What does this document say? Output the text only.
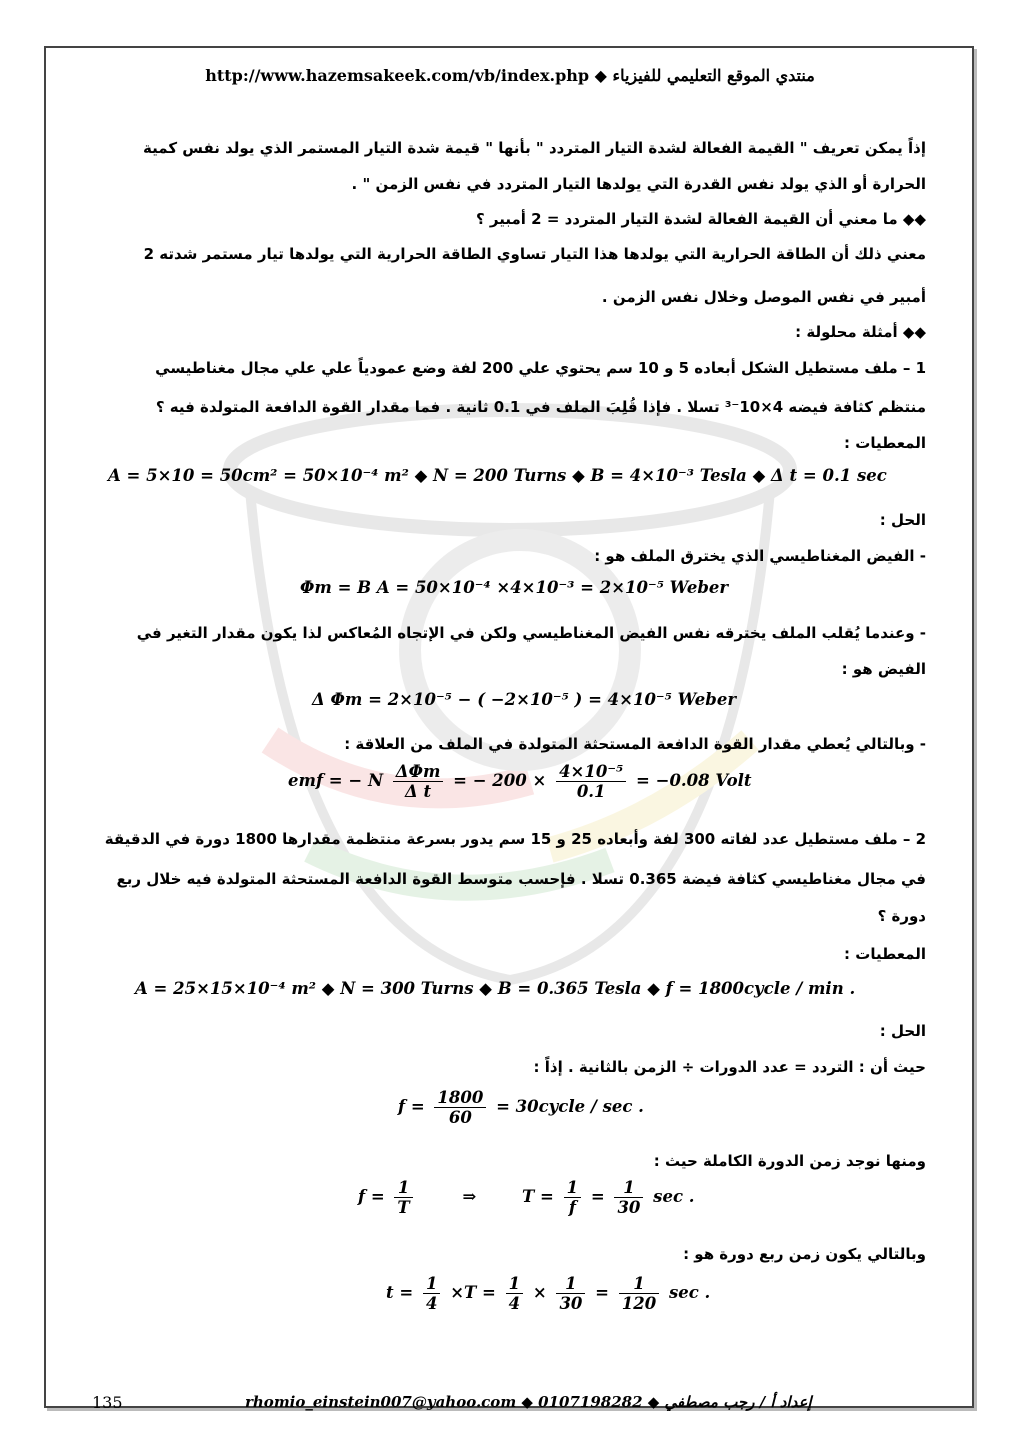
http://www.hazemsakeek.com/vb/index.php ◆ منتدي الموقع التعليمي للفيزياء
إذاً يمكن تعريف " القيمة الفعالة لشدة التيار المتردد " بأنها " قيمة شدة التيار المستمر الذي يولد نفس كمية
الحرارة أو الذي يولد نفس القدرة التي يولدها التيار المتردد في نفس الزمن " .
◆◆ ما معني أن القيمة الفعالة لشدة التيار المتردد = 2 أمبير ؟
معني ذلك أن الطاقة الحرارية التي يولدها هذا التيار تساوي الطاقة الحرارية التي يولدها تيار مستمر شدته 2
أمبير في نفس الموصل وخلال نفس الزمن .
◆◆ أمثلة محلولة :
1 – ملف مستطيل الشكل أبعاده 5 و 10 سم يحتوي علي 200 لفة وضع عمودياً علي علي مجال مغناطيسي
منتظم كثافة فيضه 4×10⁻³ تسلا . فإذا قُلِبَ الملف في 0.1 ثانية . فما مقدار القوة الدافعة المتولدة فيه ؟
المعطيات :
A = 5×10 = 50cm² = 50×10⁻⁴ m² ◆ N = 200 Turns ◆ B = 4×10⁻³ Tesla ◆ Δ t = 0.1 sec
الحل :
- الفيض المغناطيسي الذي يخترق الملف هو :
Φm = B A = 50×10⁻⁴ ×4×10⁻³ = 2×10⁻⁵ Weber
- وعندما يُقلب الملف يخترقه نفس الفيض المغناطيسي ولكن في الإتجاه المُعاكس لذا يكون مقدار التغير في
الفيض هو :
Δ Φm = 2×10⁻⁵ − ( −2×10⁻⁵ ) = 4×10⁻⁵ Weber
- وبالتالي يُعطي مقدار القوة الدافعة المستحثة المتولدة في الملف من العلاقة :
emf = − N $\frac{\text{ΔΦm}}{\text{Δ t}}$ = − $200 \times \frac{\text{4×10⁻⁵}}{0.1} = -0.08$ Volt
2 – ملف مستطيل عدد لفاته 300 لفة وأبعاده 25 و 15 سم يدور بسرعة منتظمة مقدارها 1800 دورة في الدقيقة
في مجال مغناطيسي كثافة فيضة 0.365 تسلا . فإحسب متوسط القوة الدافعة المستحثة المتولدة فيه خلال ربع
دورة ؟
المعطيات :
A = 25×15×10⁻⁴ m² ◆ N = 300 Turns ◆ B = 0.365 Tesla ◆ f = 1800cycle / min .
الحل :
حيث أن : التردد = عدد الدورات ÷ الزمن بالثانية . إذاً :
$f = \frac{1800}{60}$ = 30cycle / sec .
ومنها نوجد زمن الدورة الكاملة حيث :
$f = \frac{1}{T}$	⇒	$T = \frac{1}{f} = \frac{1}{30}$ sec .
وبالتالي يكون زمن ربع دورة هو :
$t = \frac{1}{4} \times T = \frac{1}{4} \times \frac{1}{30} = \frac{1}{120}$ sec .
135	rhomio_einstein007@yahoo.com ◆ 0107198282 ◆ إعداد أ / رجب مصطفي
